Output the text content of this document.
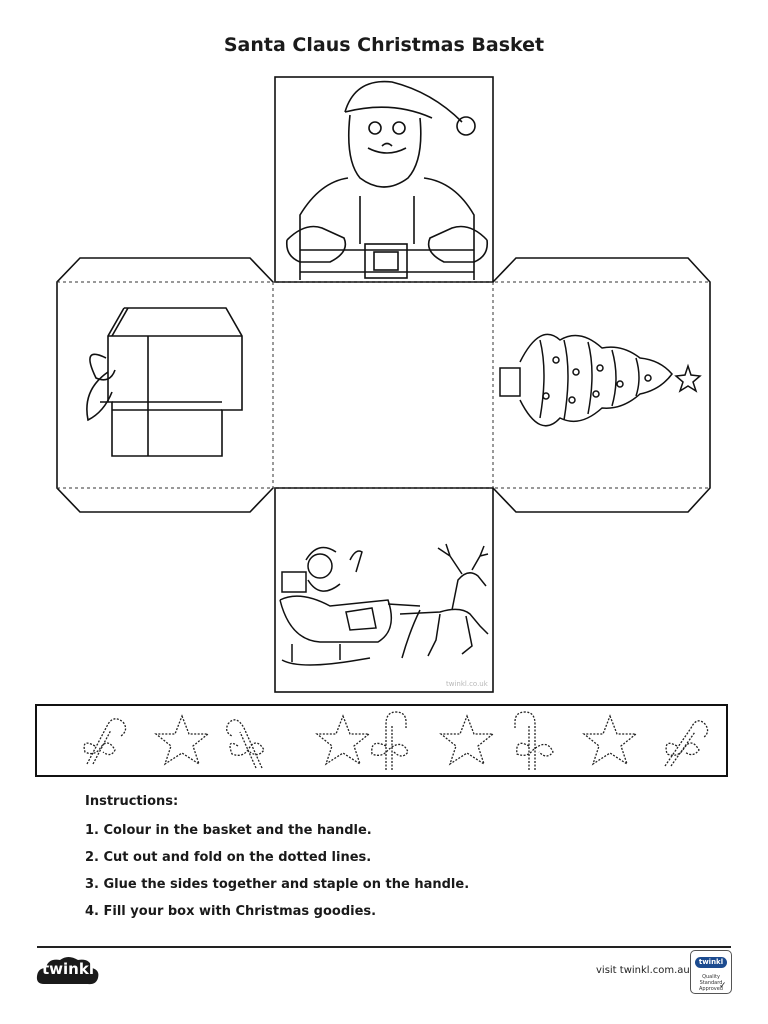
Santa Claus Christmas Basket
twinkl.co.uk
Instructions:
1. Colour in the basket and the handle.
2. Cut out and fold on the dotted lines.
3. Glue the sides together and staple on the handle.
4. Fill your box with Christmas goodies.
twinkl	visit twinkl.com.au
twinkl
Quality Standard Approved
✓
